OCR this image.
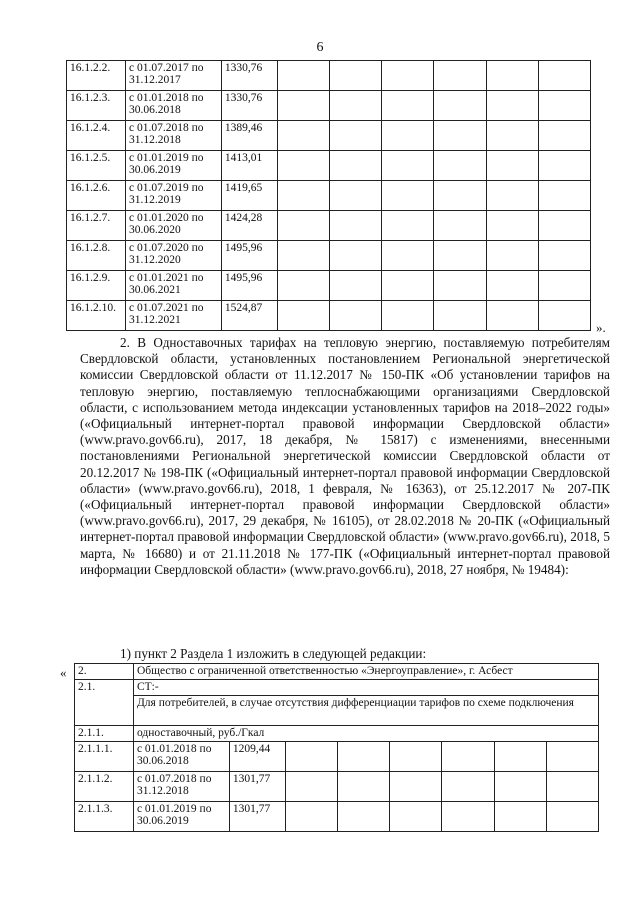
6
16.1.2.2.	с 01.07.2017 по 31.12.2017	1330,76						
16.1.2.3.	с 01.01.2018 по 30.06.2018	1330,76						
16.1.2.4.	с 01.07.2018 по 31.12.2018	1389,46						
16.1.2.5.	с 01.01.2019 по 30.06.2019	1413,01						
16.1.2.6.	с 01.07.2019 по 31.12.2019	1419,65						
16.1.2.7.	с 01.01.2020 по 30.06.2020	1424,28						
16.1.2.8.	с 01.07.2020 по 31.12.2020	1495,96						
16.1.2.9.	с 01.01.2021 по 30.06.2021	1495,96						
16.1.2.10.	с 01.07.2021 по 31.12.2021	1524,87						
».
2. В Одноставочных тарифах на тепловую энергию, поставляемую потребителям Свердловской области, установленных постановлением Региональной энергетической комиссии Свердловской области от 11.12.2017 № 150-ПК «Об установлении тарифов на тепловую энергию, поставляемую теплоснабжающими организациями Свердловской области, с использованием метода индексации установленных тарифов на 2018–2022 годы» («Официальный интернет-портал правовой информации Свердловской области» (www.pravo.gov66.ru), 2017, 18 декабря, № 15817) с изменениями, внесенными постановлениями Региональной энергетической комиссии Свердловской области от 20.12.2017 № 198-ПК («Официальный интернет-портал правовой информации Свердловской области» (www.pravo.gov66.ru), 2018, 1 февраля, № 16363), от 25.12.2017 № 207-ПК («Официальный интернет-портал правовой информации Свердловской области» (www.pravo.gov66.ru), 2017, 29 декабря, № 16105), от 28.02.2018 № 20-ПК («Официальный интернет-портал правовой информации Свердловской области» (www.pravo.gov66.ru), 2018, 5 марта, № 16680) и от 21.11.2018 № 177-ПК («Официальный интернет-портал правовой информации Свердловской области» (www.pravo.gov66.ru), 2018, 27 ноября, № 19484):
1) пункт 2 Раздела 1 изложить в следующей редакции:
« 2.	Общество с ограниченной ответственностью «Энергоуправление», г. Асбест							
2.1.	СТ:-							
	Для потребителей, в случае отсутствия дифференциации тарифов по схеме подключения							
2.1.1.	одноставочный, руб./Гкал							
2.1.1.1.	с 01.01.2018 по 30.06.2018	1209,44						
2.1.1.2.	с 01.07.2018 по 31.12.2018	1301,77						
2.1.1.3.	с 01.01.2019 по 30.06.2019	1301,77						
